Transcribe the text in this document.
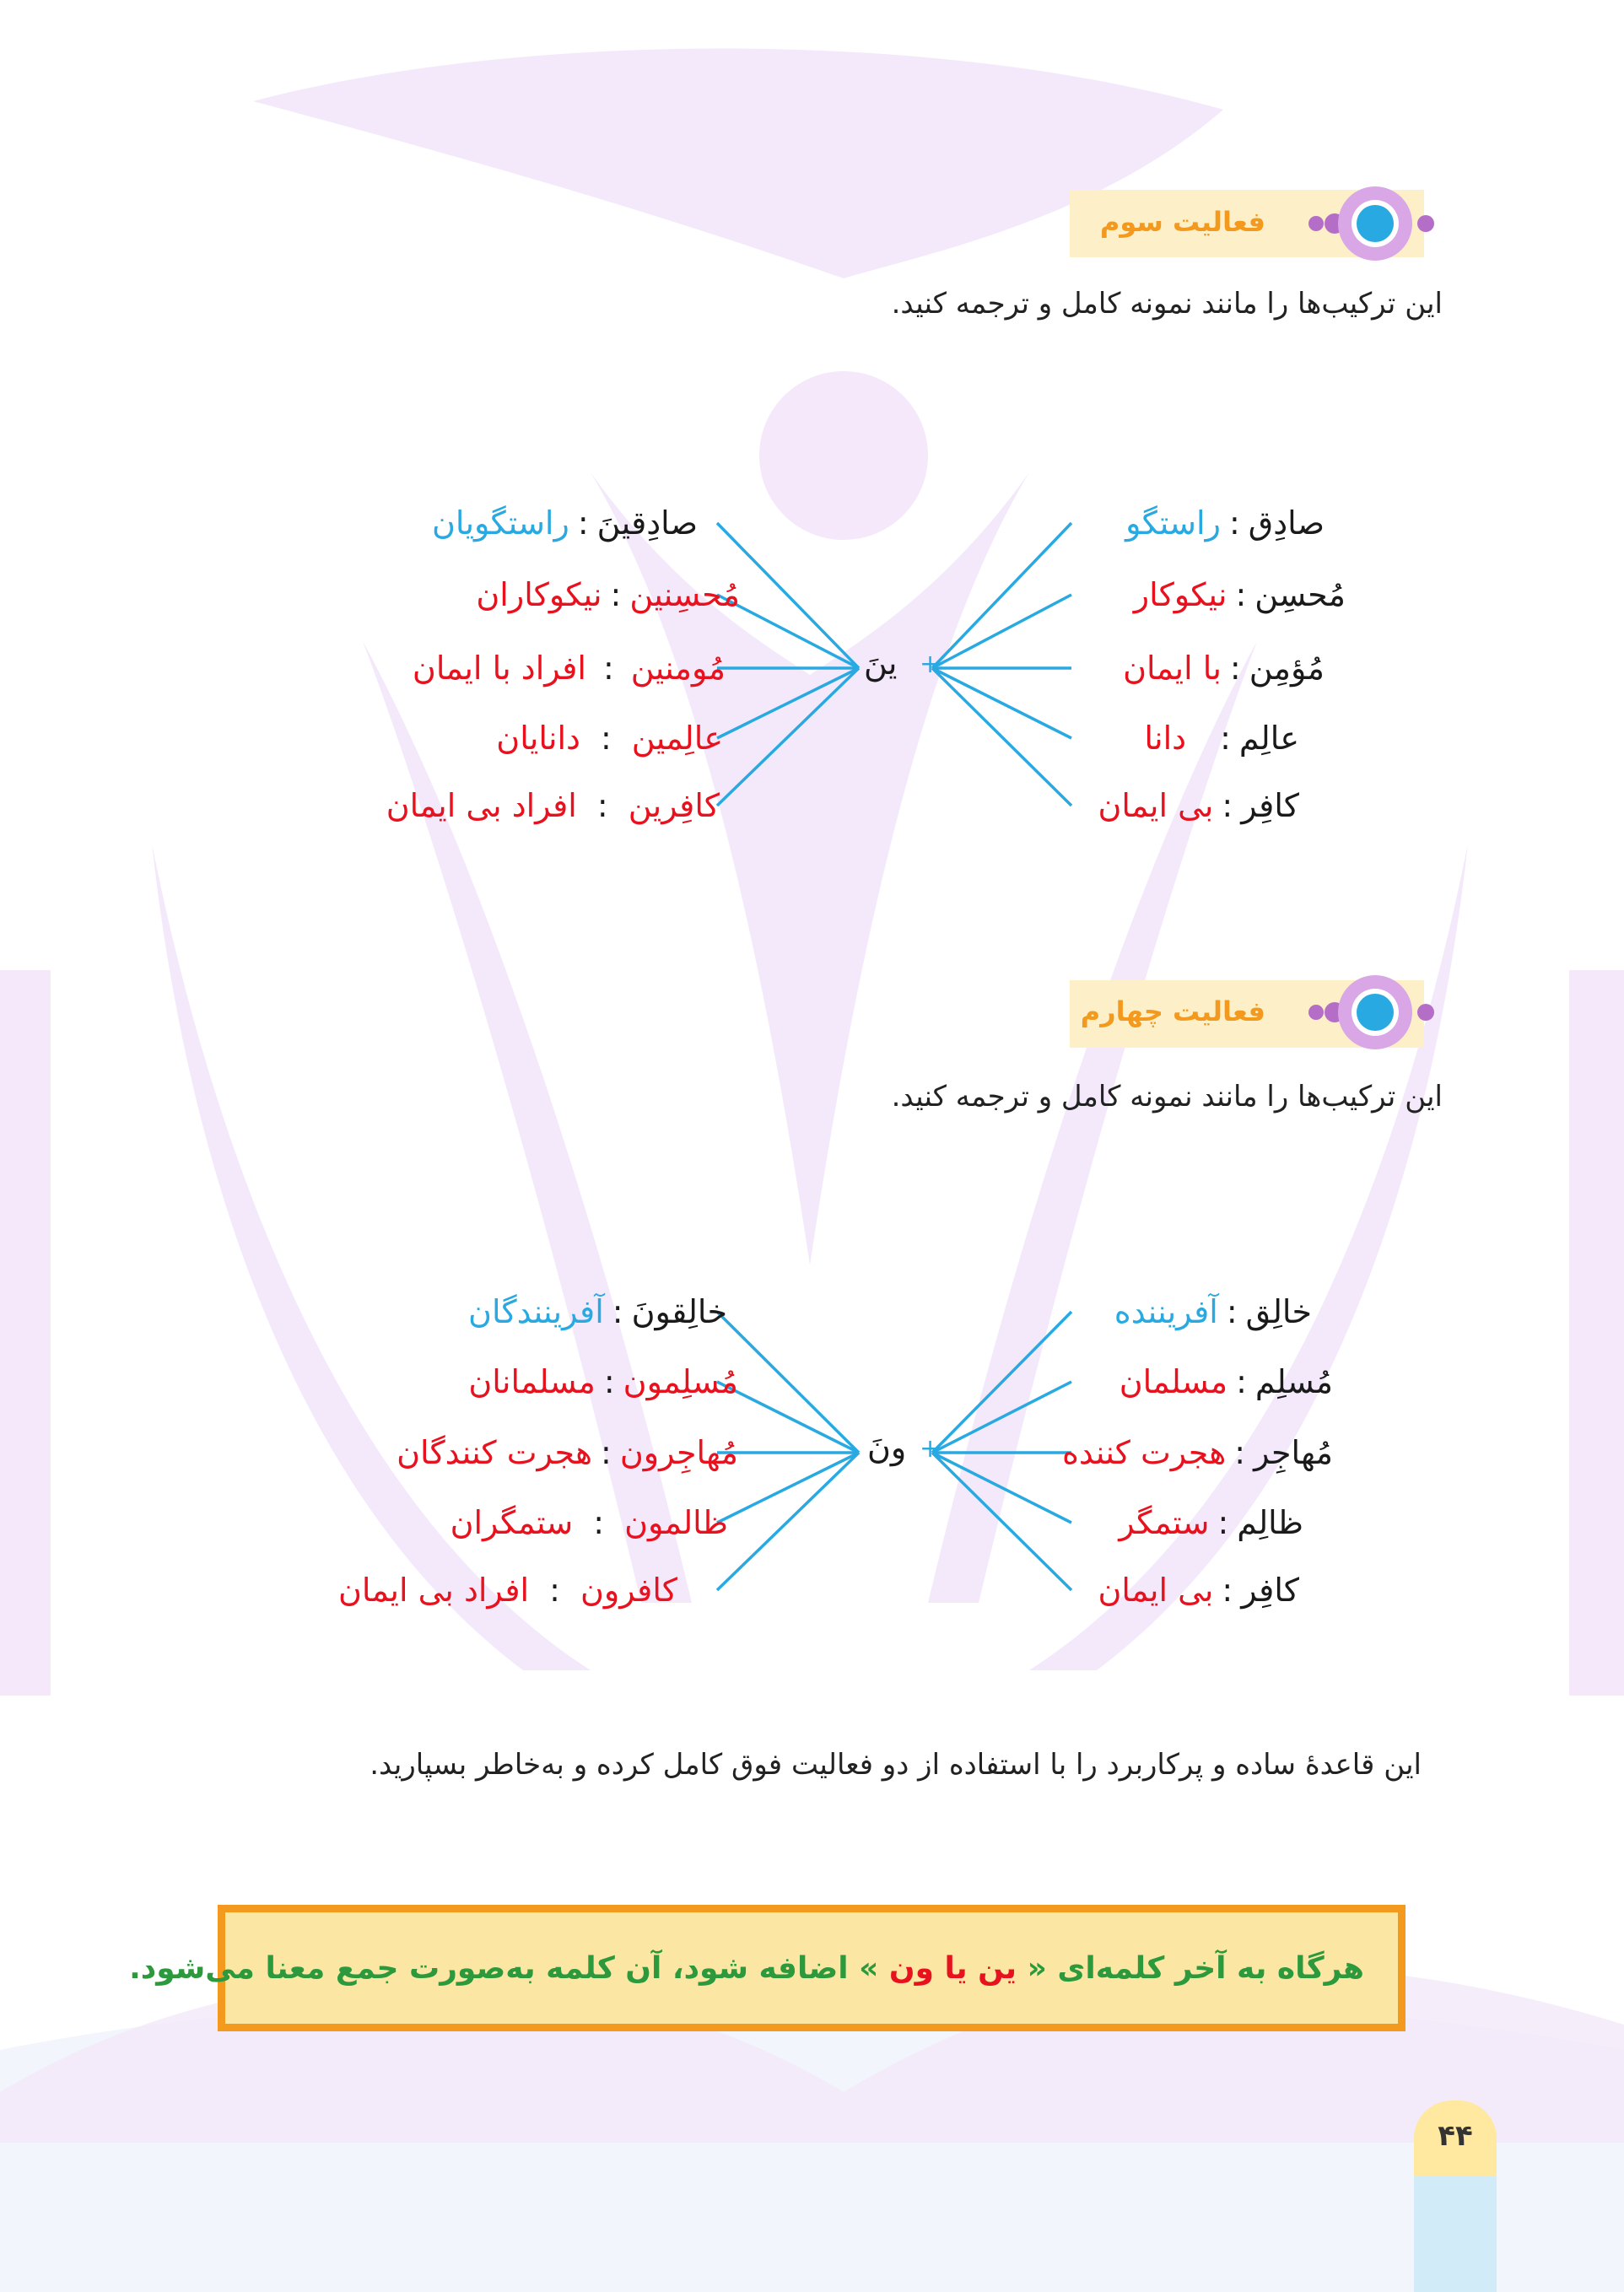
فعالیت سوم
این ترکیب‌ها را مانند نمونه کامل و ترجمه کنید.
+
ینَ
صادِق:راستگو
مُحسِن:نیکوکار
مُؤمِن:با ایمان
عالِم:دانا
کافِر:بی ایمان
صادِقینَ:راستگویان
مُحسِنین:نیکوکاران
مُومنین:افراد با ایمان
عالِمین:دانایان
کافِرین:افراد بی ایمان
فعالیت چهارم
این ترکیب‌ها را مانند نمونه کامل و ترجمه کنید.
+
ونَ
خالِق:آفریننده
مُسلِم:مسلمان
مُهاجِر:هجرت کننده
ظالِم:ستمگر
کافِر:بی ایمان
خالِقونَ:آفرینندگان
مُسلِمون:مسلمانان
مُهاجِرون:هجرت کنندگان
ظالمون:ستمگران
کافرون:افراد بی ایمان
این قاعدهٔ ساده و پرکاربرد را با استفاده از دو فعالیت فوق کامل کرده و به‌خاطر بسپارید.
هرگاه به آخر کلمه‌ای « ین یا ون » اضافه شود، آن کلمه به‌صورت جمع معنا می‌شود.
۴۴
